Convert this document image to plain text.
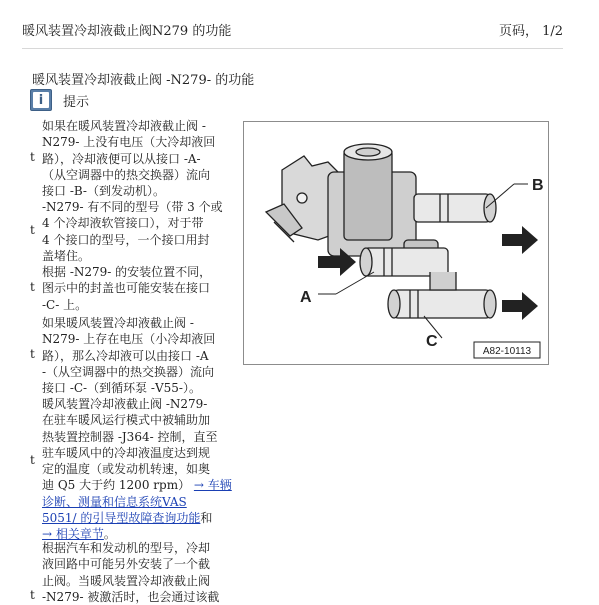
暖风装置冷却液截止阀N279 的功能	页码， 1/2
暖风装置冷却液截止阀 -N279- 的功能
i	提示
t
如果在暖风装置冷却液截止阀 -
N279- 上没有电压（大冷却液回
路），冷却液便可以从接口 -A-
（从空调器中的热交换器）流向
接口 -B-（到发动机）。
t
-N279- 有不同的型号（带 3 个或
4 个冷却液软管接口），对于带
4 个接口的型号，一个接口用封
盖堵住。
t
根据 -N279- 的安装位置不同，
图示中的封盖也可能安装在接口
-C- 上。
t
如果暖风装置冷却液截止阀 -
N279- 上存在电压（小冷却液回
路），那么冷却液可以由接口 -A
-（从空调器中的热交换器）流向
接口 -C-（到循环泵 -V55-）。
t
暖风装置冷却液截止阀 -N279-
在驻车暖风运行模式中被辅助加
热装置控制器 -J364- 控制，直至
驻车暖风中的冷却液温度达到规
定的温度（或发动机转速，如奥
迪 Q5 大于约 1200 rpm） → 车辆
诊断、测量和信息系统VAS
5051/ 的引导型故障查询功能和
→ 相关章节。
t
根据汽车和发动机的型号，冷却
液回路中可能另外安装了一个截
止阀。当暖风装置冷却液截止阀
-N279- 被激活时，也会通过该截
B
A
C
A82-10113
